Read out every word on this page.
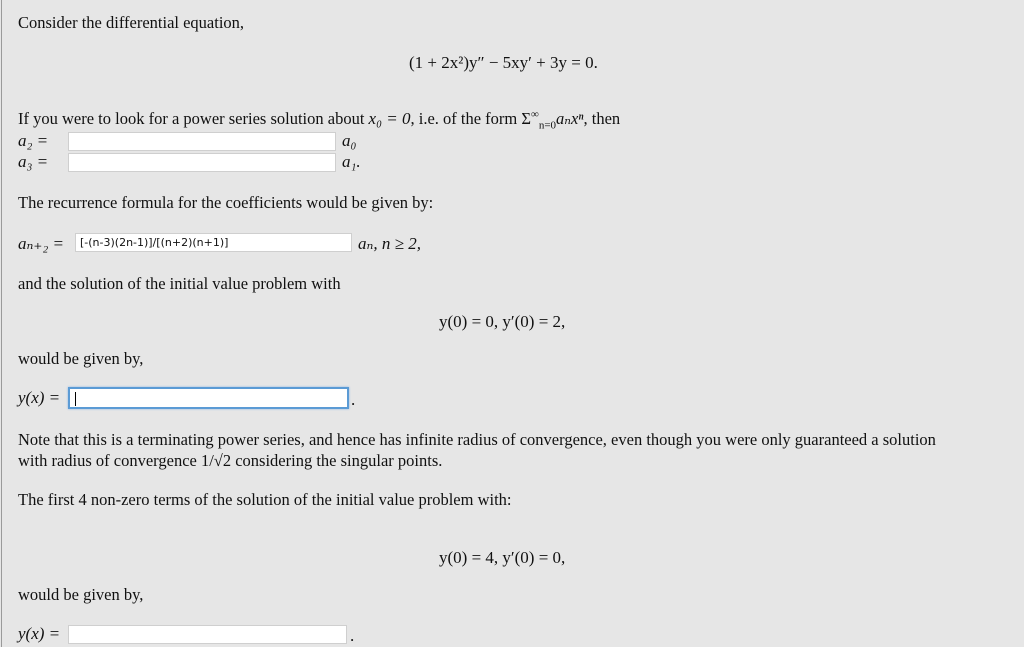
Consider the differential equation,
(1 + 2x²)y″ − 5xy′ + 3y = 0.
If you were to look for a power series solution about x₀ = 0, i.e. of the form $\Sigma^\infty_{n=0}a_nx^n$, then
a₂ =	a₀
a₃ =	a₁.
The recurrence formula for the coefficients would be given by:
aₙ₊₂ = [-(n-3)(2n-1)]/[(n+2)(n+1)]	aₙ, n ≥ 2,
and the solution of the initial value problem with
y(0) = 0, y′(0) = 2,
would be given by,
y(x) =	.
Note that this is a terminating power series, and hence has infinite radius of convergence, even though you were only guaranteed a solution
with radius of convergence 1/√2 considering the singular points.
The first 4 non-zero terms of the solution of the initial value problem with:
y(0) = 4, y′(0) = 0,
would be given by,
y(x) =	.
